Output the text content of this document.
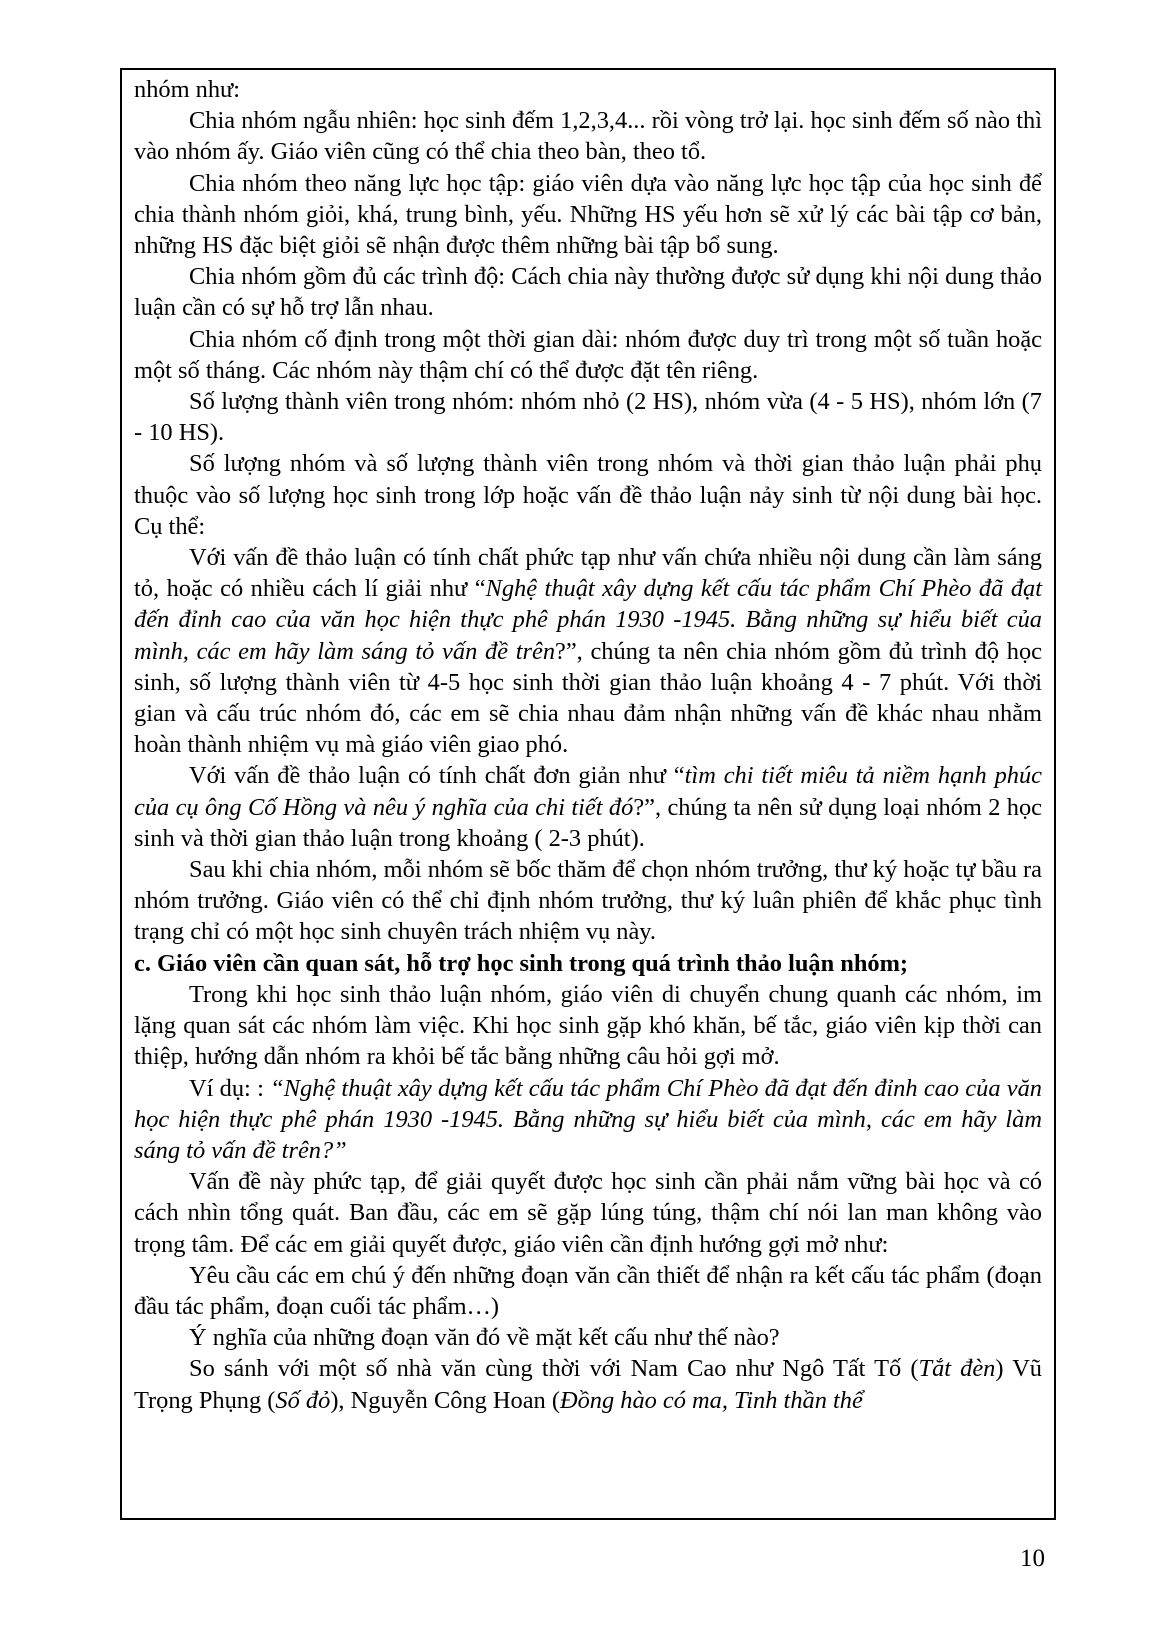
nhóm như:

Chia nhóm ngẫu nhiên: học sinh đếm 1,2,3,4... rồi vòng trở lại. học sinh đếm số nào thì vào nhóm ấy. Giáo viên cũng có thể chia theo bàn, theo tổ.

Chia nhóm theo năng lực học tập: giáo viên dựa vào năng lực học tập của học sinh để chia thành nhóm giỏi, khá, trung bình, yếu. Những HS yếu hơn sẽ xử lý các bài tập cơ bản, những HS đặc biệt giỏi sẽ nhận được thêm những bài tập bổ sung.

Chia nhóm gồm đủ các trình độ: Cách chia này thường được sử dụng khi nội dung thảo luận cần có sự hỗ trợ lẫn nhau.

Chia nhóm cố định trong một thời gian dài: nhóm được duy trì trong một số tuần hoặc một số tháng. Các nhóm này thậm chí có thể được đặt tên riêng.

Số lượng thành viên trong nhóm: nhóm nhỏ (2 HS), nhóm vừa (4 - 5 HS), nhóm lớn (7 - 10 HS).

Số lượng nhóm và số lượng thành viên trong nhóm và thời gian thảo luận phải phụ thuộc vào số lượng học sinh trong lớp hoặc vấn đề thảo luận nảy sinh từ nội dung bài học. Cụ thể:

Với vấn đề thảo luận có tính chất phức tạp như vấn chứa nhiều nội dung cần làm sáng tỏ, hoặc có nhiều cách lí giải như “Nghệ thuật xây dựng kết cấu tác phẩm Chí Phèo đã đạt đến đỉnh cao của văn học hiện thực phê phán 1930 -1945. Bằng những sự hiểu biết của mình, các em hãy làm sáng tỏ vấn đề trên?”, chúng ta nên chia nhóm gồm đủ trình độ học sinh, số lượng thành viên từ 4-5 học sinh thời gian thảo luận khoảng 4 - 7 phút. Với thời gian và cấu trúc nhóm đó, các em sẽ chia nhau đảm nhận những vấn đề khác nhau nhằm hoàn thành nhiệm vụ mà giáo viên giao phó.

Với vấn đề thảo luận có tính chất đơn giản như “tìm chi tiết miêu tả niềm hạnh phúc của cụ ông Cố Hồng và nêu ý nghĩa của chi tiết đó?”, chúng ta nên sử dụng loại nhóm 2 học sinh và thời gian thảo luận trong khoảng ( 2-3 phút).

Sau khi chia nhóm, mỗi nhóm sẽ bốc thăm để chọn nhóm trưởng, thư ký hoặc tự bầu ra nhóm trưởng. Giáo viên có thể chỉ định nhóm trưởng, thư ký luân phiên để khắc phục tình trạng chỉ có một học sinh chuyên trách nhiệm vụ này.

c. Giáo viên cần quan sát, hỗ trợ học sinh trong quá trình thảo luận nhóm;

Trong khi học sinh thảo luận nhóm, giáo viên di chuyển chung quanh các nhóm, im lặng quan sát các nhóm làm việc. Khi học sinh gặp khó khăn, bế tắc, giáo viên kịp thời can thiệp, hướng dẫn nhóm ra khỏi bế tắc bằng những câu hỏi gợi mở.

Ví dụ: : “Nghệ thuật xây dựng kết cấu tác phẩm Chí Phèo đã đạt đến đỉnh cao của văn học hiện thực phê phán 1930 -1945. Bằng những sự hiểu biết của mình, các em hãy làm sáng tỏ vấn đề trên?”

Vấn đề này phức tạp, để giải quyết được học sinh cần phải nắm vững bài học và có cách nhìn tổng quát. Ban đầu, các em sẽ gặp lúng túng, thậm chí nói lan man không vào trọng tâm. Để các em giải quyết được, giáo viên cần định hướng gợi mở như:

Yêu cầu các em chú ý đến những đoạn văn cần thiết để nhận ra kết cấu tác phẩm (đoạn đầu tác phẩm, đoạn cuối tác phẩm…)

Ý nghĩa của những đoạn văn đó về mặt kết cấu như thế nào?

So sánh với một số nhà văn cùng thời với Nam Cao như Ngô Tất Tố (Tắt đèn) Vũ Trọng Phụng (Số đỏ), Nguyễn Công Hoan (Đồng hào có ma, Tinh thần thể

10
